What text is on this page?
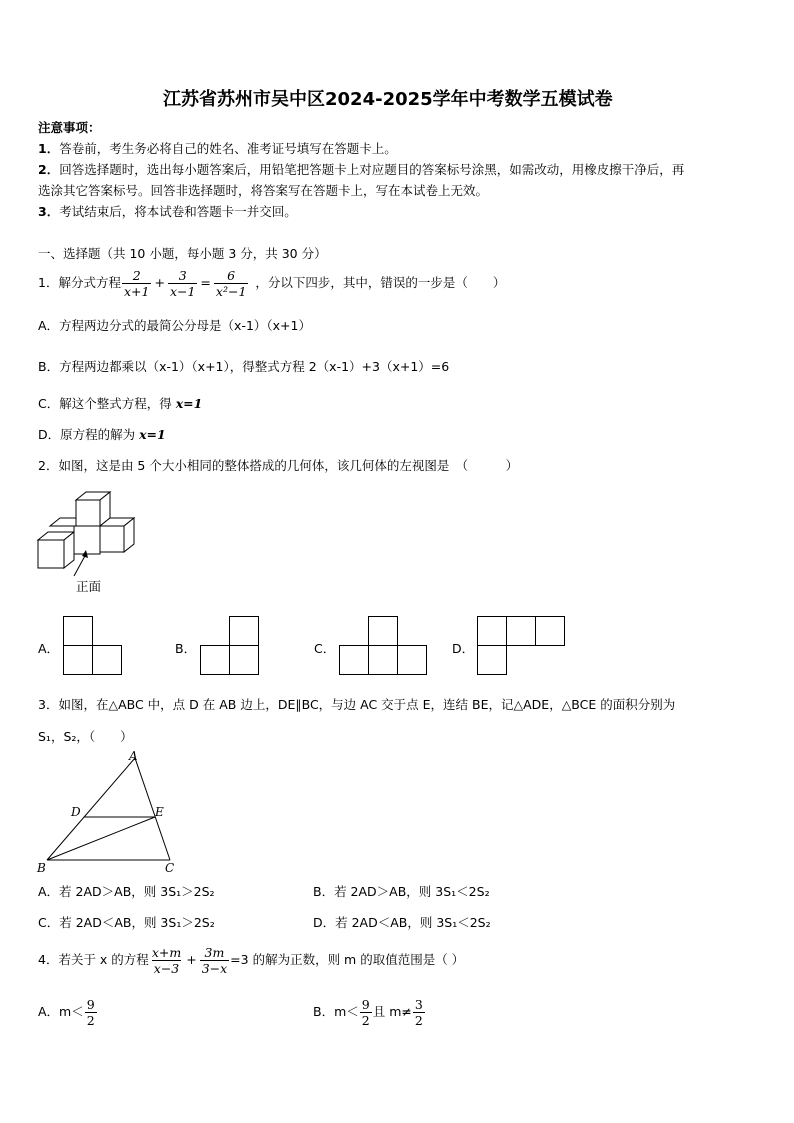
江苏省苏州市吴中区2024-2025学年中考数学五模试卷
注意事项：
1．答卷前，考生务必将自己的姓名、准考证号填写在答题卡上。
2．回答选择题时，选出每小题答案后，用铅笔把答题卡上对应题目的答案标号涂黑，如需改动，用橡皮擦干净后，再
选涂其它答案标号。回答非选择题时，将答案写在答题卡上，写在本试卷上无效。
3．考试结束后，将本试卷和答题卡一并交回。
一、选择题（共 10 小题，每小题 3 分，共 30 分）
1．解分式方程 $\frac{2}{x+1} + \frac{3}{x-1} = \frac{6}{\text{x²−1}}$ ，分以下四步，其中，错误的一步是（　　）
A．方程两边分式的最简公分母是（x-1）（x+1）
B．方程两边都乘以（x-1）（x+1），得整式方程 2（x-1）+3（x+1）=6
C．解这个整式方程，得 x=1
D．原方程的解为 x=1
2．如图，这是由 5 个大小相同的整体搭成的几何体，该几何体的左视图是　（　　　）
正面
A．	B．	C．	D．
3．如图，在△ABC 中，点 D 在 AB 边上，DE∥BC，与边 AC 交于点 E，连结 BE，记△ADE，△BCE 的面积分别为
S₁，S₂，（　　）
A
D	E
B	C
A．若 2AD＞AB，则 3S₁＞2S₂	B．若 2AD＞AB，则 3S₁＜2S₂
C．若 2AD＜AB，则 3S₁＞2S₂	D．若 2AD＜AB，则 3S₁＜2S₂
4．若关于 x 的方程 $\frac{x+m}{x-3} + \frac{3m}{3-x} =3$ 的解为正数，则 m 的取值范围是（ ）
A．$m< \frac{9}{2}$	B．$m< \frac{9}{2}$ 且 $m\ne \frac{3}{2}$
